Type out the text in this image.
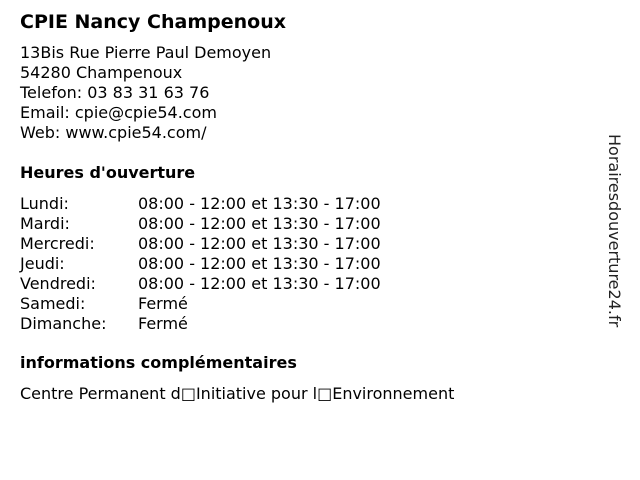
CPIE Nancy Champenoux
13Bis Rue Pierre Paul Demoyen
54280 Champenoux
Telefon: 03 83 31 63 76
Email: cpie@cpie54.com
Web: www.cpie54.com/
Heures d'ouverture
Lundi:	08:00 - 12:00 et 13:30 - 17:00
Mardi:	08:00 - 12:00 et 13:30 - 17:00
Mercredi:	08:00 - 12:00 et 13:30 - 17:00
Jeudi:	08:00 - 12:00 et 13:30 - 17:00
Vendredi:	08:00 - 12:00 et 13:30 - 17:00
Samedi:	Fermé
Dimanche: Fermé
informations complémentaires
Centre Permanent d□Initiative pour l□Environnement
Horairesdouverture24.fr
